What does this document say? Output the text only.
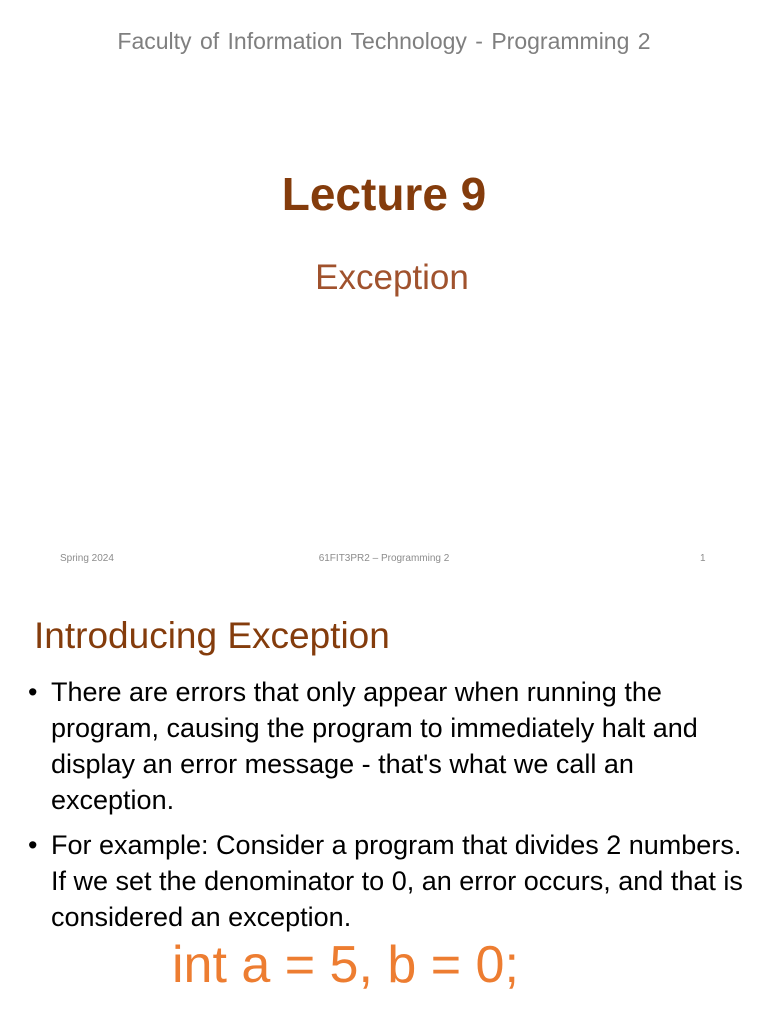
Faculty of Information Technology - Programming 2
Lecture 9
Exception
Spring 2024	61FIT3PR2 – Programming 2	1
Introducing Exception
• There are errors that only appear when running the program, causing the program to immediately halt and display an error message - that's what we call an exception.
• For example: Consider a program that divides 2 numbers. If we set the denominator to 0, an error occurs, and that is considered an exception.
int a = 5, b = 0;
